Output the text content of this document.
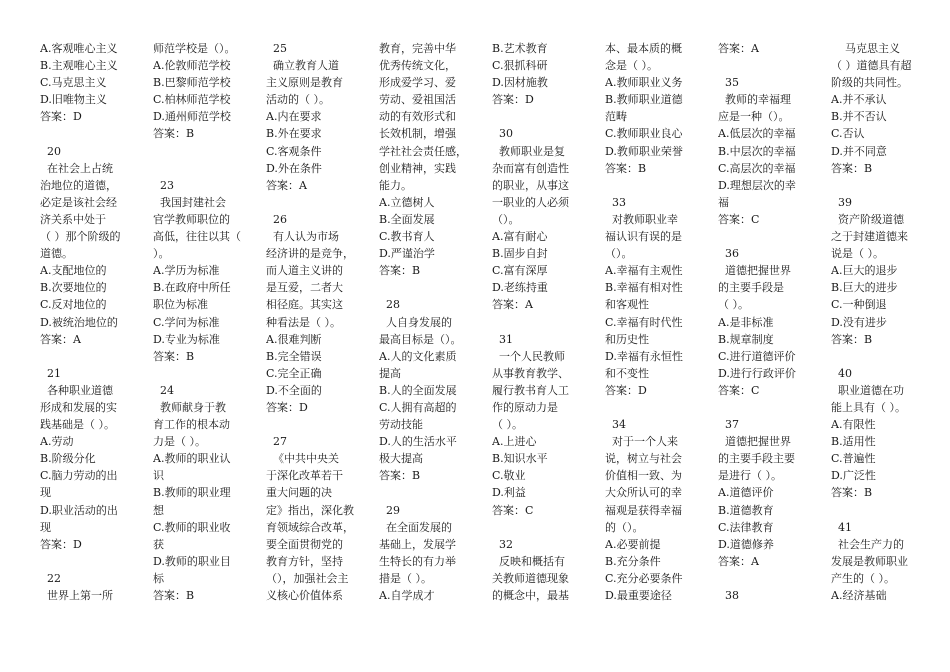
A.客观唯心主义
B.主观唯心主义
C.马克思主义
D.旧唯物主义
答案：D
20
在社会上占统
治地位的道德，
必定是该社会经
济关系中处于
（ ）那个阶级的
道德。
A.支配地位的
B.次要地位的
C.反对地位的
D.被统治地位的
答案：A
21
各种职业道德
形成和发展的实
践基础是（ ）。
A.劳动
B.阶级分化
C.脑力劳动的出
现
D.职业活动的出
现
答案：D
22
世界上第一所
师范学校是（）。
A.伦敦师范学校
B.巴黎师范学校
C.柏林师范学校
D.通州师范学校
答案：B
23
我国封建社会
官学教师职位的
高低，往往以其（
）。
A.学历为标准
B.在政府中所任
职位为标准
C.学问为标准
D.专业为标准
答案：B
24
教师献身于教
育工作的根本动
力是（ ）。
A.教师的职业认
识
B.教师的职业理
想
C.教师的职业收
获
D.教师的职业目
标
答案：B
25
确立教育人道
主义原则是教育
活动的（ ）。
A.内在要求
B.外在要求
C.客观条件
D.外在条件
答案：A
26
有人认为市场
经济讲的是竞争，
而人道主义讲的
是互爱，二者大
相径庭。其实这
种看法是（ ）。
A.很难判断
B.完全错误
C.完全正确
D.不全面的
答案：D
27
《中共中央关
于深化改革若干
重大问题的决
定》指出，深化教
育领域综合改革，
要全面贯彻党的
教育方针，坚持
（），加强社会主
义核心价值体系
教育，完善中华
优秀传统文化，
形成爱学习、爱
劳动、爱祖国活
动的有效形式和
长效机制，增强
学社社会责任感，
创业精神，实践
能力。
A.立德树人
B.全面发展
C.教书育人
D.严谨治学
答案：B
28
人自身发展的
最高目标是（）。
A.人的文化素质
提高
B.人的全面发展
C.人拥有高超的
劳动技能
D.人的生活水平
极大提高
答案：B
29
在全面发展的
基础上，发展学
生特长的有力举
措是（ ）。
A.自学成才
B.艺术教育
C.狠抓科研
D.因材施教
答案：D
30
教师职业是复
杂而富有创造性
的职业，从事这
一职业的人必须
（）。
A.富有耐心
B.固步自封
C.富有深厚
D.老练持重
答案：A
31
一个人民教师
从事教育教学、
履行教书育人工
作的原动力是
（ ）。
A.上进心
B.知识水平
C.敬业
D.利益
答案：C
32
反映和概括有
关教师道德现象
的概念中，最基
本、最本质的概
念是（ ）。
A.教师职业义务
B.教师职业道德
范畴
C.教师职业良心
D.教师职业荣誉
答案：B
33
对教师职业幸
福认识有误的是
（）。
A.幸福有主观性
B.幸福有相对性
和客观性
C.幸福有时代性
和历史性
D.幸福有永恒性
和不变性
答案：D
34
对于一个人来
说，树立与社会
价值相一致、为
大众所认可的幸
福观是获得幸福
的（）。
A.必要前提
B.充分条件
C.充分必要条件
D.最重要途径
答案：A
35
教师的幸福理
应是一种（）。
A.低层次的幸福
B.中层次的幸福
C.高层次的幸福
D.理想层次的幸
福
答案：C
36
道德把握世界
的主要手段是
（ ）。
A.是非标准
B.规章制度
C.进行道德评价
D.进行行政评价
答案：C
37
道德把握世界
的主要手段主要
是进行（ ）。
A.道德评价
B.道德教育
C.法律教育
D.道德修养
答案：A
38
马克思主义
（ ）道德具有超
阶级的共同性。
A.并不承认
B.并不否认
C.否认
D.并不同意
答案：B
39
资产阶级道德
之于封建道德来
说是（ ）。
A.巨大的退步
B.巨大的进步
C.一种倒退
D.没有进步
答案：B
40
职业道德在功
能上具有（ ）。
A.有限性
B.适用性
C.普遍性
D.广泛性
答案：B
41
社会生产力的
发展是教师职业
产生的（ ）。
A.经济基础
